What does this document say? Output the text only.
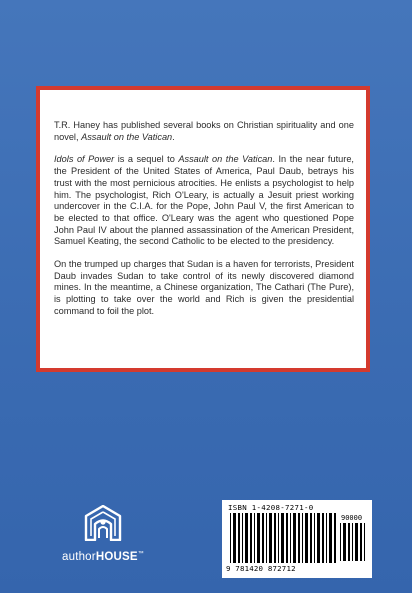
T.R. Haney has published several books on Christian spirituality and one novel, Assault on the Vatican.

Idols of Power is a sequel to Assault on the Vatican. In the near future, the President of the United States of America, Paul Daub, betrays his trust with the most pernicious atrocities. He enlists a psychologist to help him. The psychologist, Rich O'Leary, is actually a Jesuit priest working undercover in the C.I.A. for the Pope, John Paul V, the first American to be elected to that office. O'Leary was the agent who questioned Pope John Paul IV about the planned assassination of the American President, Samuel Keating, the second Catholic to be elected to the presidency.

On the trumped up charges that Sudan is a haven for terrorists, President Daub invades Sudan to take control of its newly discovered diamond mines. In the meantime, a Chinese organization, The Cathari (The Pure), is plotting to take over the world and Rich is given the presidential command to foil the plot.

authorHOUSE™
ISBN 1-4208-7271-0
90000
9 781420 872712
